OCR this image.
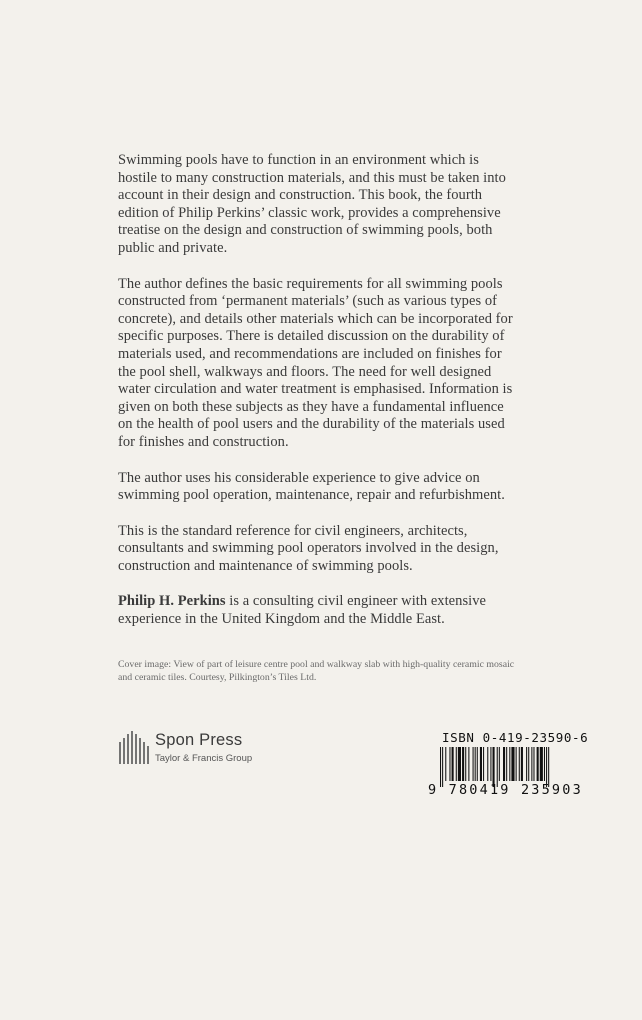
Swimming pools have to function in an environment which is hostile to many construction materials, and this must be taken into account in their design and construction. This book, the fourth edition of Philip Perkins’ classic work, provides a comprehensive treatise on the design and construction of swimming pools, both public and private.

The author defines the basic requirements for all swimming pools constructed from ‘permanent materials’ (such as various types of concrete), and details other materials which can be incorporated for specific purposes. There is detailed discussion on the durability of materials used, and recommendations are included on finishes for the pool shell, walkways and floors. The need for well designed water circulation and water treatment is emphasised. Information is given on both these subjects as they have a fundamental influence on the health of pool users and the durability of the materials used for finishes and construction.

The author uses his considerable experience to give advice on swimming pool operation, maintenance, repair and refurbishment.

This is the standard reference for civil engineers, architects, consultants and swimming pool operators involved in the design, construction and maintenance of swimming pools.

Philip H. Perkins is a consulting civil engineer with extensive experience in the United Kingdom and the Middle East.

Cover image: View of part of leisure centre pool and walkway slab with high-quality ceramic mosaic and ceramic tiles. Courtesy, Pilkington’s Tiles Ltd.
Spon Press
Taylor & Francis Group
ISBN 0-419-23590-6
9 780419 235903
